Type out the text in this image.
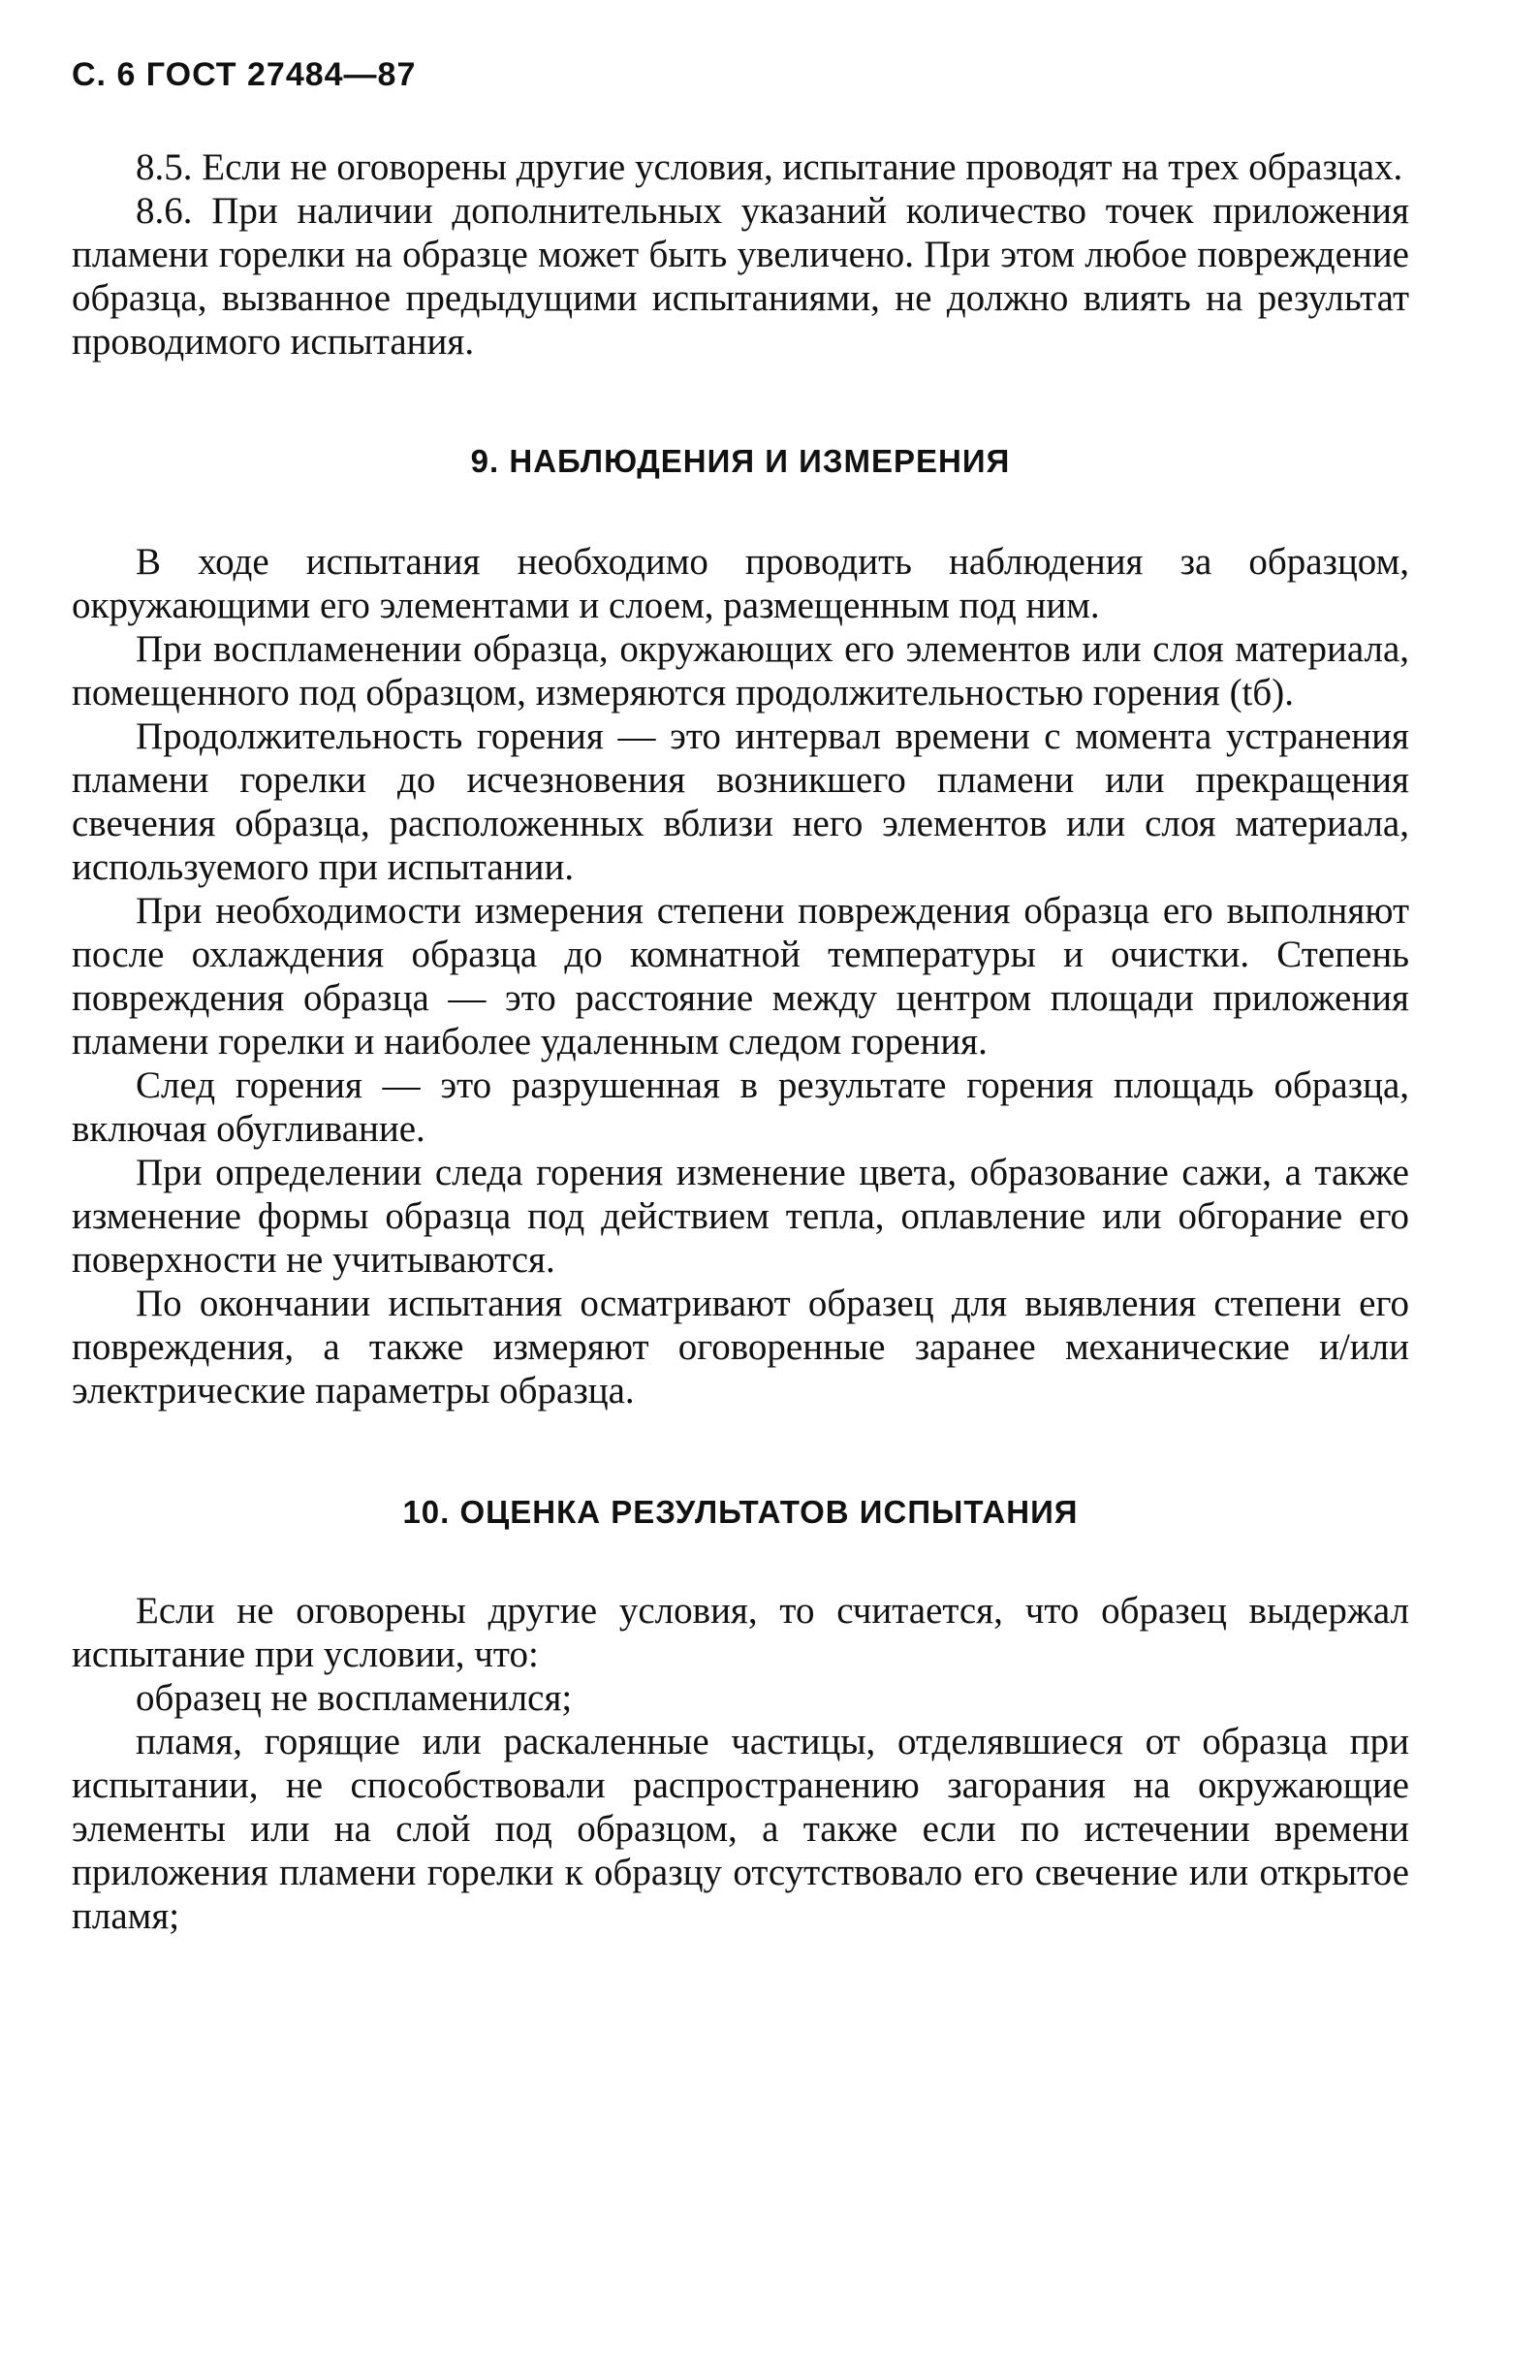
С. 6 ГОСТ 27484—87

8.5. Если не оговорены другие условия, испытание проводят на трех образцах.

8.6. При наличии дополнительных указаний количество точек приложения пламени горелки на образце может быть увеличено. При этом любое повреждение образца, вызванное предыдущими испытаниями, не должно влиять на результат проводимого испытания.

9. НАБЛЮДЕНИЯ И ИЗМЕРЕНИЯ

В ходе испытания необходимо проводить наблюдения за образцом, окружающими его элементами и слоем, размещенным под ним.

При воспламенении образца, окружающих его элементов или слоя материала, помещенного под образцом, измеряются продолжительностью горения (tб).

Продолжительность горения — это интервал времени с момента устранения пламени горелки до исчезновения возникшего пламени или прекращения свечения образца, расположенных вблизи него элементов или слоя материала, используемого при испытании.

При необходимости измерения степени повреждения образца его выполняют после охлаждения образца до комнатной температуры и очистки. Степень повреждения образца — это расстояние между центром площади приложения пламени горелки и наиболее удаленным следом горения.

След горения — это разрушенная в результате горения площадь образца, включая обугливание.

При определении следа горения изменение цвета, образование сажи, а также изменение формы образца под действием тепла, оплавление или обгорание его поверхности не учитываются.

По окончании испытания осматривают образец для выявления степени его повреждения, а также измеряют оговоренные заранее механические и/или электрические параметры образца.

10. ОЦЕНКА РЕЗУЛЬТАТОВ ИСПЫТАНИЯ

Если не оговорены другие условия, то считается, что образец выдержал испытание при условии, что:

образец не воспламенился;

пламя, горящие или раскаленные частицы, отделявшиеся от образца при испытании, не способствовали распространению загорания на окружающие элементы или на слой под образцом, а также если по истечении времени приложения пламени горелки к образцу отсутствовало его свечение или открытое пламя;
